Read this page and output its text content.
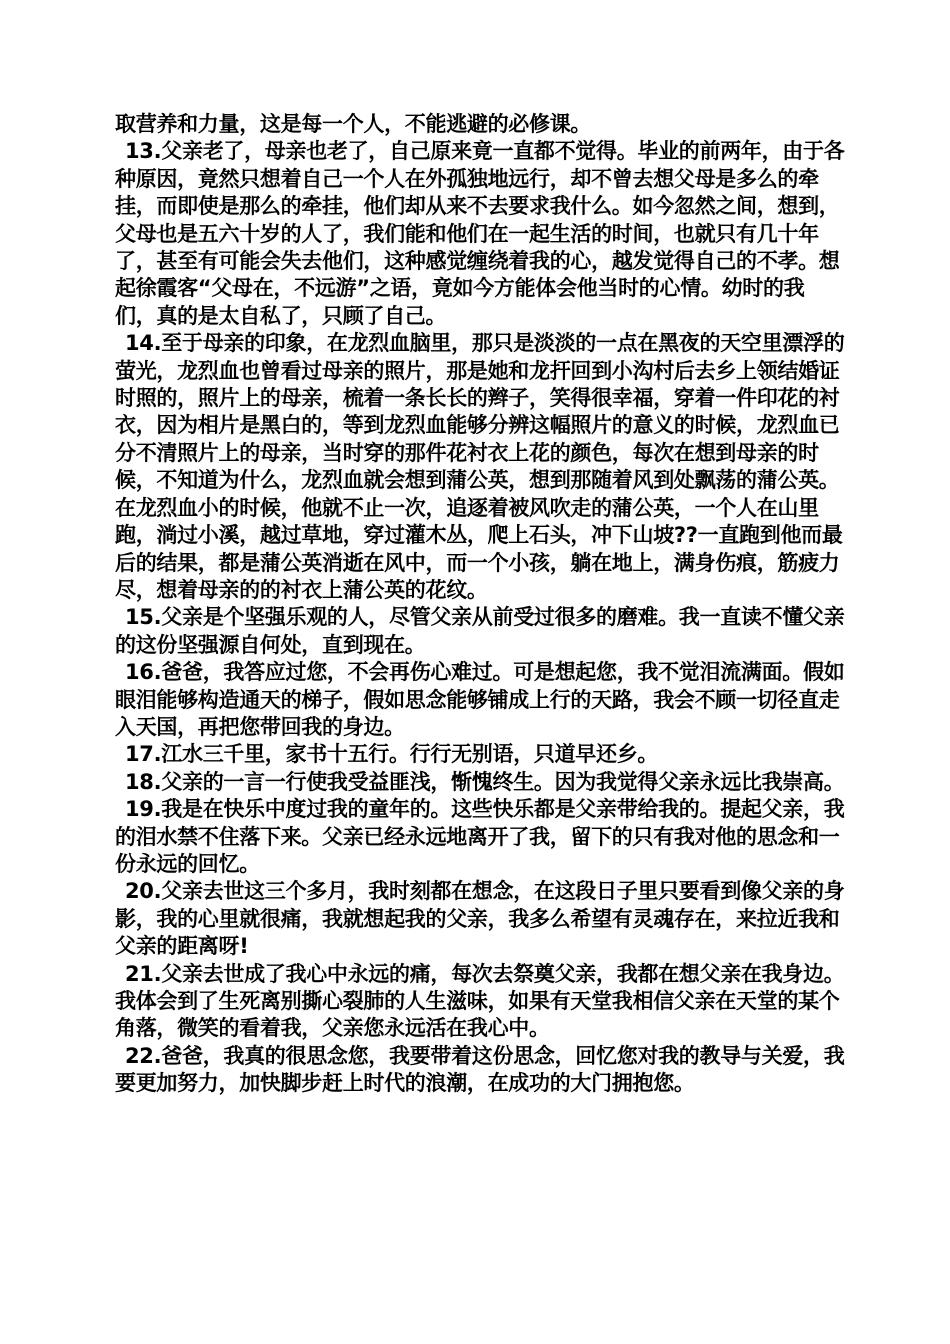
取营养和力量，这是每一个人，不能逃避的必修课。

13.父亲老了，母亲也老了，自己原来竟一直都不觉得。毕业的前两年，由于各种原因，竟然只想着自己一个人在外孤独地远行，却不曾去想父母是多么的牵挂，而即使是那么的牵挂，他们却从来不去要求我什么。如今忽然之间，想到，父母也是五六十岁的人了，我们能和他们在一起生活的时间，也就只有几十年了，甚至有可能会失去他们，这种感觉缠绕着我的心，越发觉得自己的不孝。想起徐霞客“父母在，不远游”之语，竟如今方能体会他当时的心情。幼时的我们，真的是太自私了，只顾了自己。

14.至于母亲的印象，在龙烈血脑里，那只是淡淡的一点在黑夜的天空里漂浮的萤光，龙烈血也曾看过母亲的照片，那是她和龙扞回到小沟村后去乡上领结婚证时照的，照片上的母亲，梳着一条长长的辫子，笑得很幸福，穿着一件印花的衬衣，因为相片是黑白的，等到龙烈血能够分辨这幅照片的意义的时候，龙烈血已分不清照片上的母亲，当时穿的那件花衬衣上花的颜色，每次在想到母亲的时候，不知道为什么，龙烈血就会想到蒲公英，想到那随着风到处飘荡的蒲公英。在龙烈血小的时候，他就不止一次，追逐着被风吹走的蒲公英，一个人在山里跑，淌过小溪，越过草地，穿过灌木丛，爬上石头，冲下山坡??一直跑到他而最后的结果，都是蒲公英消逝在风中，而一个小孩，躺在地上，满身伤痕，筋疲力尽，想着母亲的的衬衣上蒲公英的花纹。

15.父亲是个坚强乐观的人，尽管父亲从前受过很多的磨难。我一直读不懂父亲的这份坚强源自何处，直到现在。

16.爸爸，我答应过您，不会再伤心难过。可是想起您，我不觉泪流满面。假如眼泪能够构造通天的梯子，假如思念能够铺成上行的天路，我会不顾一切径直走入天国，再把您带回我的身边。

17.江水三千里，家书十五行。行行无别语，只道早还乡。

18.父亲的一言一行使我受益匪浅，惭愧终生。因为我觉得父亲永远比我崇高。

19.我是在快乐中度过我的童年的。这些快乐都是父亲带给我的。提起父亲，我的泪水禁不住落下来。父亲已经永远地离开了我，留下的只有我对他的思念和一份永远的回忆。

20.父亲去世这三个多月，我时刻都在想念，在这段日子里只要看到像父亲的身影，我的心里就很痛，我就想起我的父亲，我多么希望有灵魂存在，来拉近我和父亲的距离呀!

21.父亲去世成了我心中永远的痛，每次去祭奠父亲，我都在想父亲在我身边。我体会到了生死离别撕心裂肺的人生滋味，如果有天堂我相信父亲在天堂的某个角落，微笑的看着我，父亲您永远活在我心中。

22.爸爸，我真的很思念您，我要带着这份思念，回忆您对我的教导与关爱，我要更加努力，加快脚步赶上时代的浪潮，在成功的大门拥抱您。
